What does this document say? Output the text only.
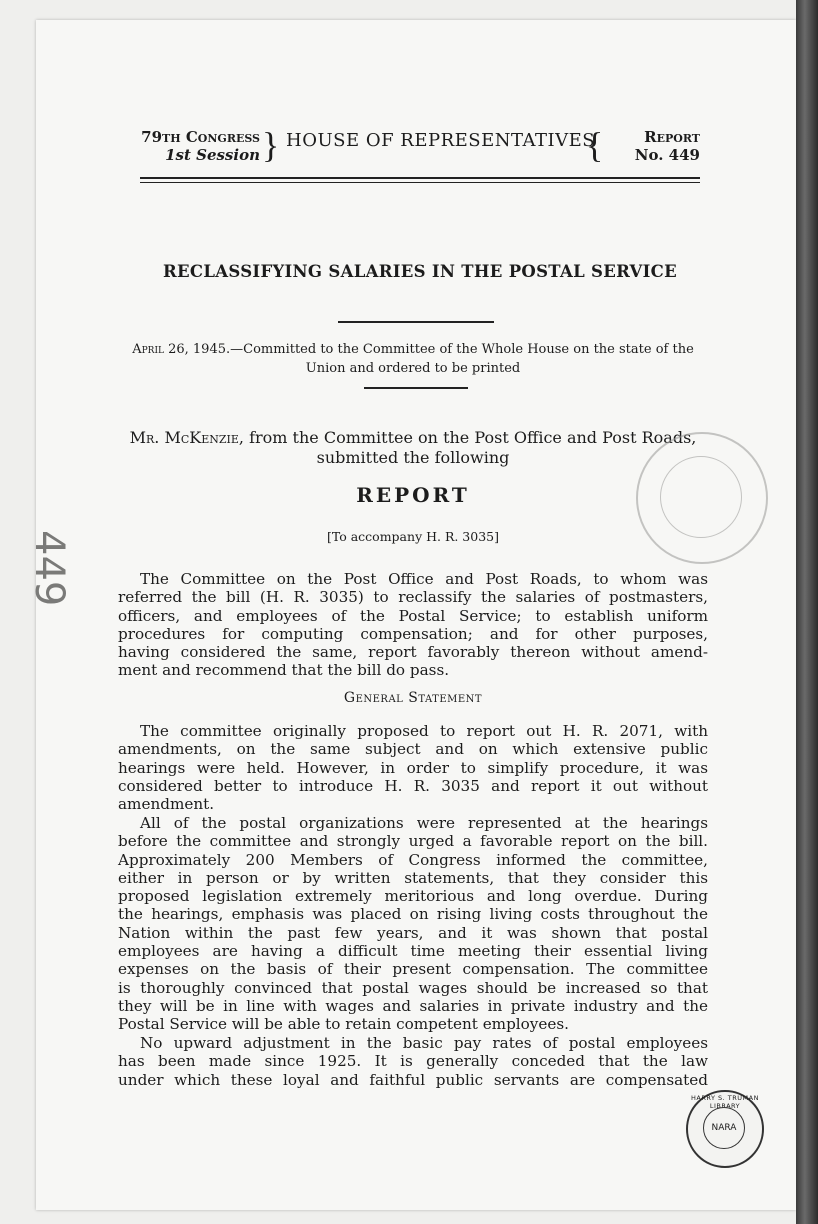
79th Congress
1st Session } HOUSE OF REPRESENTATIVES
{	Report
No. 449
RECLASSIFYING SALARIES IN THE POSTAL SERVICE
April 26, 1945.—Committed to the Committee of the Whole House on the state of the Union and ordered to be printed
Mr. McKenzie, from the Committee on the Post Office and Post Roads, submitted the following
REPORT
[To accompany H. R. 3035]
The Committee on the Post Office and Post Roads, to whom was
referred the bill (H. R. 3035) to reclassify the salaries of postmasters,
officers, and employees of the Postal Service; to establish uniform
procedures for computing compensation; and for other purposes,
having considered the same, report favorably thereon without amend-
ment and recommend that the bill do pass.
General Statement
The committee originally proposed to report out H. R. 2071, with
amendments, on the same subject and on which extensive public
hearings were held. However, in order to simplify procedure, it was
considered better to introduce H. R. 3035 and report it out without
amendment.
All of the postal organizations were represented at the hearings
before the committee and strongly urged a favorable report on the bill.
Approximately 200 Members of Congress informed the committee,
either in person or by written statements, that they consider this
proposed legislation extremely meritorious and long overdue. During
the hearings, emphasis was placed on rising living costs throughout the
Nation within the past few years, and it was shown that postal
employees are having a difficult time meeting their essential living
expenses on the basis of their present compensation. The committee
is thoroughly convinced that postal wages should be increased so that
they will be in line with wages and salaries in private industry and the
Postal Service will be able to retain competent employees.
No upward adjustment in the basic pay rates of postal employees
has been made since 1925. It is generally conceded that the law
under which these loyal and faithful public servants are compensated
449
HARRY S. TRUMAN LIBRARY
NARA
